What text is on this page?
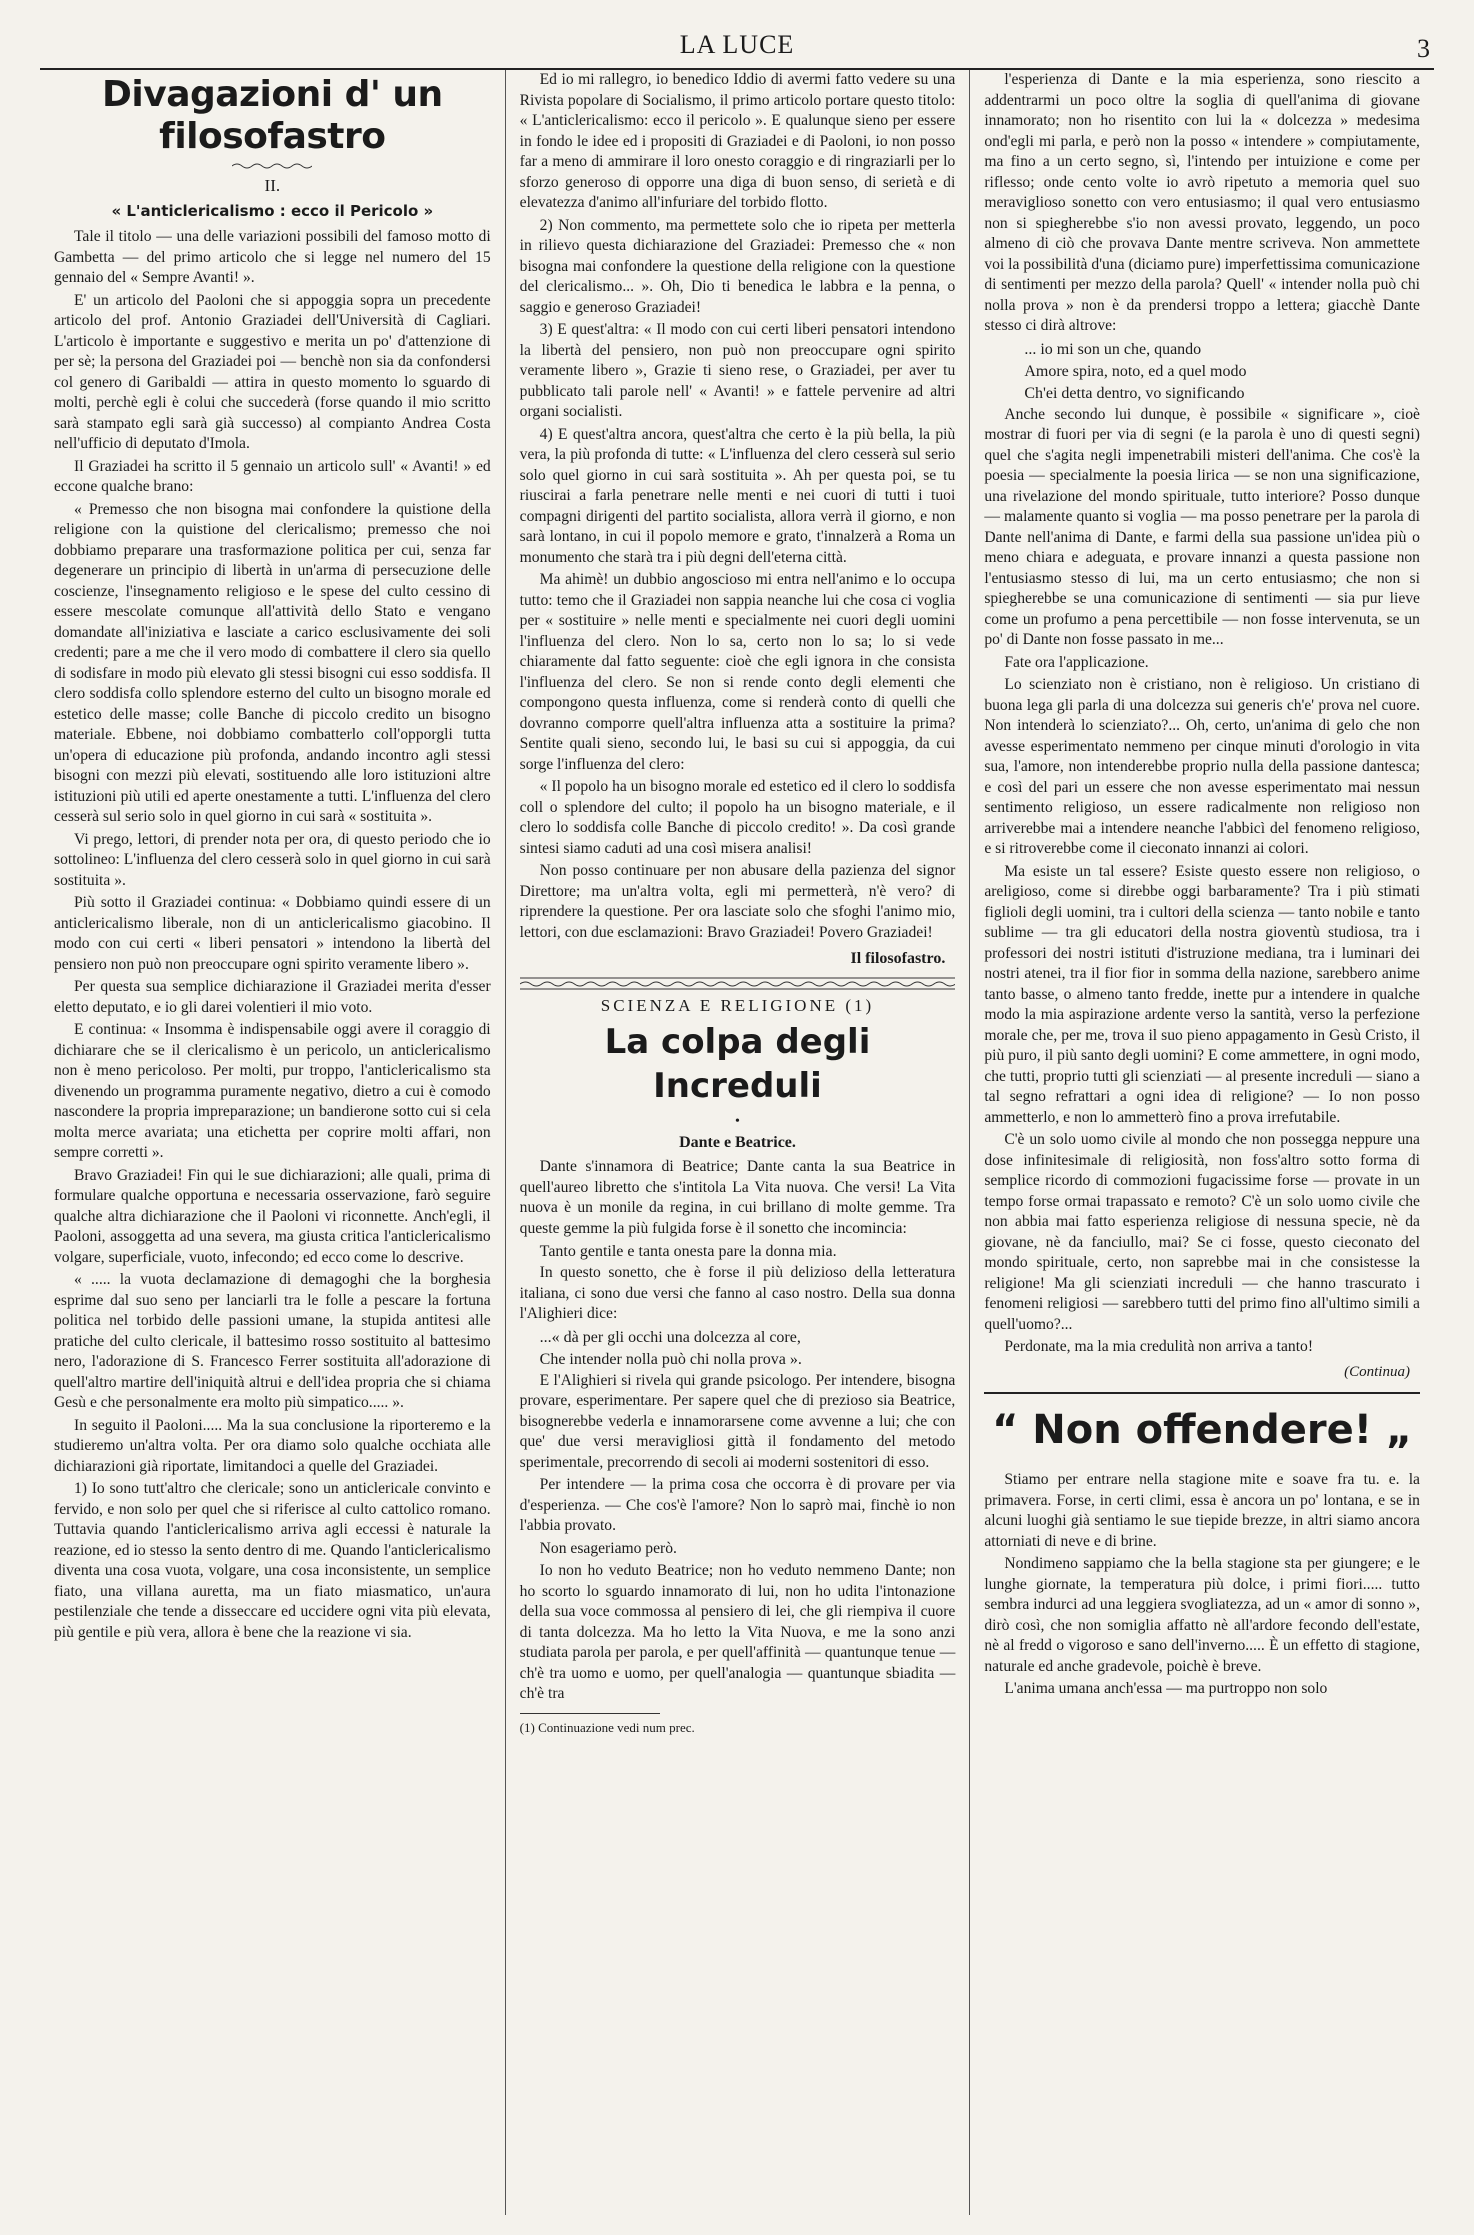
LA LUCE	3
Divagazioni d' un filosofastro

II.

« L'anticlericalismo : ecco il Pericolo »

Tale il titolo — una delle variazioni possibili del famoso motto di Gambetta — del primo articolo che si legge nel numero del 15 gennaio del « Sempre Avanti! ».

E' un articolo del Paoloni che si appoggia sopra un precedente articolo del prof. Antonio Graziadei dell'Università di Cagliari. L'articolo è importante e suggestivo e merita un po' d'attenzione di per sè; la persona del Graziadei poi — benchè non sia da confondersi col genero di Garibaldi — attira in questo momento lo sguardo di molti, perchè egli è colui che succederà (forse quando il mio scritto sarà stampato egli sarà già successo) al compianto Andrea Costa nell'ufficio di deputato d'Imola.

Il Graziadei ha scritto il 5 gennaio un articolo sull' « Avanti! » ed eccone qualche brano:

« Premesso che non bisogna mai confondere la quistione della religione con la quistione del clericalismo; premesso che noi dobbiamo preparare una trasformazione politica per cui, senza far degenerare un principio di libertà in un'arma di persecuzione delle coscienze, l'insegnamento religioso e le spese del culto cessino di essere mescolate comunque all'attività dello Stato e vengano domandate all'iniziativa e lasciate a carico esclusivamente dei soli credenti; pare a me che il vero modo di combattere il clero sia quello di sodisfare in modo più elevato gli stessi bisogni cui esso soddisfa. Il clero soddisfa collo splendore esterno del culto un bisogno morale ed estetico delle masse; colle Banche di piccolo credito un bisogno materiale. Ebbene, noi dobbiamo combatterlo coll'opporgli tutta un'opera di educazione più profonda, andando incontro agli stessi bisogni con mezzi più elevati, sostituendo alle loro istituzioni altre istituzioni più utili ed aperte onestamente a tutti. L'influenza del clero cesserà sul serio solo in quel giorno in cui sarà « sostituita ».

Vi prego, lettori, di prender nota per ora, di questo periodo che io sottolineo: L'influenza del clero cesserà solo in quel giorno in cui sarà sostituita ».

Più sotto il Graziadei continua: « Dobbiamo quindi essere di un anticlericalismo liberale, non di un anticlericalismo giacobino. Il modo con cui certi « liberi pensatori » intendono la libertà del pensiero non può non preoccupare ogni spirito veramente libero ».

Per questa sua semplice dichiarazione il Graziadei merita d'esser eletto deputato, e io gli darei volentieri il mio voto.

E continua: « Insomma è indispensabile oggi avere il coraggio di dichiarare che se il clericalismo è un pericolo, un anticlericalismo non è meno pericoloso. Per molti, pur troppo, l'anticlericalismo sta divenendo un programma puramente negativo, dietro a cui è comodo nascondere la propria impreparazione; un bandierone sotto cui si cela molta merce avariata; una etichetta per coprire molti affari, non sempre corretti ».

Bravo Graziadei! Fin qui le sue dichiarazioni; alle quali, prima di formulare qualche opportuna e necessaria osservazione, farò seguire qualche altra dichiarazione che il Paoloni vi riconnette. Anch'egli, il Paoloni, assoggetta ad una severa, ma giusta critica l'anticlericalismo volgare, superficiale, vuoto, infecondo; ed ecco come lo descrive.

« ..... la vuota declamazione di demagoghi che la borghesia esprime dal suo seno per lanciarli tra le folle a pescare la fortuna politica nel torbido delle passioni umane, la stupida antitesi alle pratiche del culto clericale, il battesimo rosso sostituito al battesimo nero, l'adorazione di S. Francesco Ferrer sostituita all'adorazione di quell'altro martire dell'iniquità altrui e dell'idea propria che si chiama Gesù e che personalmente era molto più simpatico..... ».

In seguito il Paoloni..... Ma la sua conclusione la riporteremo e la studieremo un'altra volta. Per ora diamo solo qualche occhiata alle dichiarazioni già riportate, limitandoci a quelle del Graziadei.

1) Io sono tutt'altro che clericale; sono un anticlericale convinto e fervido, e non solo per quel che si riferisce al culto cattolico romano. Tuttavia quando l'anticlericalismo arriva agli eccessi è naturale la reazione, ed io stesso la sento dentro di me. Quando l'anticlericalismo diventa una cosa vuota, volgare, una cosa inconsistente, un semplice fiato, una villana auretta, ma un fiato miasmatico, un'aura pestilenziale che tende a disseccare ed uccidere ogni vita più elevata, più gentile e più vera, allora è bene che la reazione vi sia.

Ed io mi rallegro, io benedico Iddio di avermi fatto vedere su una Rivista popolare di Socialismo, il primo articolo portare questo titolo: « L'anticlericalismo: ecco il pericolo ». E qualunque sieno per essere in fondo le idee ed i propositi di Graziadei e di Paoloni, io non posso far a meno di ammirare il loro onesto coraggio e di ringraziarli per lo sforzo generoso di opporre una diga di buon senso, di serietà e di elevatezza d'animo all'infuriare del torbido flotto.

2) Non commento, ma permettete solo che io ripeta per metterla in rilievo questa dichiarazione del Graziadei: Premesso che « non bisogna mai confondere la questione della religione con la questione del clericalismo... ». Oh, Dio ti benedica le labbra e la penna, o saggio e generoso Graziadei!

3) E quest'altra: « Il modo con cui certi liberi pensatori intendono la libertà del pensiero, non può non preoccupare ogni spirito veramente libero », Grazie ti sieno rese, o Graziadei, per aver tu pubblicato tali parole nell' « Avanti! » e fattele pervenire ad altri organi socialisti.

4) E quest'altra ancora, quest'altra che certo è la più bella, la più vera, la più profonda di tutte: « L'influenza del clero cesserà sul serio solo quel giorno in cui sarà sostituita ». Ah per questa poi, se tu riuscirai a farla penetrare nelle menti e nei cuori di tutti i tuoi compagni dirigenti del partito socialista, allora verrà il giorno, e non sarà lontano, in cui il popolo memore e grato, t'innalzerà a Roma un monumento che starà tra i più degni dell'eterna città.

Ma ahimè! un dubbio angoscioso mi entra nell'animo e lo occupa tutto: temo che il Graziadei non sappia neanche lui che cosa ci voglia per « sostituire » nelle menti e specialmente nei cuori degli uomini l'influenza del clero. Non lo sa, certo non lo sa; lo si vede chiaramente dal fatto seguente: cioè che egli ignora in che consista l'influenza del clero. Se non si rende conto degli elementi che compongono questa influenza, come si renderà conto di quelli che dovranno comporre quell'altra influenza atta a sostituire la prima? Sentite quali sieno, secondo lui, le basi su cui si appoggia, da cui sorge l'influenza del clero:

« Il popolo ha un bisogno morale ed estetico ed il clero lo soddisfa coll o splendore del culto; il popolo ha un bisogno materiale, e il clero lo soddisfa colle Banche di piccolo credito! ». Da così grande sintesi siamo caduti ad una così misera analisi!

Non posso continuare per non abusare della pazienza del signor Direttore; ma un'altra volta, egli mi permetterà, n'è vero? di riprendere la questione. Per ora lasciate solo che sfoghi l'animo mio, lettori, con due esclamazioni: Bravo Graziadei! Povero Graziadei!

Il filosofastro.

SCIENZA E RELIGIONE (1)

La colpa degli Increduli

•

Dante e Beatrice.

Dante s'innamora di Beatrice; Dante canta la sua Beatrice in quell'aureo libretto che s'intitola La Vita nuova. Che versi! La Vita nuova è un monile da regina, in cui brillano di molte gemme. Tra queste gemme la più fulgida forse è il sonetto che incomincia:

Tanto gentile e tanta onesta pare la donna mia.

In questo sonetto, che è forse il più delizioso della letteratura italiana, ci sono due versi che fanno al caso nostro. Della sua donna l'Alighieri dice:

...« dà per gli occhi una dolcezza al core,

Che intender nolla può chi nolla prova ».

E l'Alighieri si rivela qui grande psicologo. Per intendere, bisogna provare, esperimentare. Per sapere quel che di prezioso sia Beatrice, bisognerebbe vederla e innamorarsene come avvenne a lui; che con que' due versi meravigliosi gittà il fondamento del metodo sperimentale, precorrendo di secoli ai moderni sostenitori di esso.

Per intendere — la prima cosa che occorra è di provare per via d'esperienza. — Che cos'è l'amore? Non lo saprò mai, finchè io non l'abbia provato.

Non esageriamo però.

Io non ho veduto Beatrice; non ho veduto nemmeno Dante; non ho scorto lo sguardo innamorato di lui, non ho udita l'intonazione della sua voce commossa al pensiero di lei, che gli riempiva il cuore di tanta dolcezza. Ma ho letto la Vita Nuova, e me la sono anzi studiata parola per parola, e per quell'affinità — quantunque tenue — ch'è tra uomo e uomo, per quell'analogia — quantunque sbiadita — ch'è tra

(1) Continuazione vedi num prec.

l'esperienza di Dante e la mia esperienza, sono riescito a addentrarmi un poco oltre la soglia di quell'anima di giovane innamorato; non ho risentito con lui la « dolcezza » medesima ond'egli mi parla, e però non la posso « intendere » compiutamente, ma fino a un certo segno, sì, l'intendo per intuizione e come per riflesso; onde cento volte io avrò ripetuto a memoria quel suo meraviglioso sonetto con vero entusiasmo; il qual vero entusiasmo non si spiegherebbe s'io non avessi provato, leggendo, un poco almeno di ciò che provava Dante mentre scriveva. Non ammettete voi la possibilità d'una (diciamo pure) imperfettissima comunicazione di sentimenti per mezzo della parola? Quell' « intender nolla può chi nolla prova » non è da prendersi troppo a lettera; giacchè Dante stesso ci dirà altrove:

... io mi son un che, quando

Amore spira, noto, ed a quel modo

Ch'ei detta dentro, vo significando

Anche secondo lui dunque, è possibile « significare », cioè mostrar di fuori per via di segni (e la parola è uno di questi segni) quel che s'agita negli impenetrabili misteri dell'anima. Che cos'è la poesia — specialmente la poesia lirica — se non una significazione, una rivelazione del mondo spirituale, tutto interiore? Posso dunque — malamente quanto si voglia — ma posso penetrare per la parola di Dante nell'anima di Dante, e farmi della sua passione un'idea più o meno chiara e adeguata, e provare innanzi a questa passione non l'entusiasmo stesso di lui, ma un certo entusiasmo; che non si spiegherebbe se una comunicazione di sentimenti — sia pur lieve come un profumo a pena percettibile — non fosse intervenuta, se un po' di Dante non fosse passato in me...

Fate ora l'applicazione.

Lo scienziato non è cristiano, non è religioso. Un cristiano di buona lega gli parla di una dolcezza sui generis ch'e' prova nel cuore. Non intenderà lo scienziato?... Oh, certo, un'anima di gelo che non avesse esperimentato nemmeno per cinque minuti d'orologio in vita sua, l'amore, non intenderebbe proprio nulla della passione dantesca; e così del pari un essere che non avesse esperimentato mai nessun sentimento religioso, un essere radicalmente non religioso non arriverebbe mai a intendere neanche l'abbicì del fenomeno religioso, e si ritroverebbe come il cieconato innanzi ai colori.

Ma esiste un tal essere? Esiste questo essere non religioso, o areligioso, come si direbbe oggi barbaramente? Tra i più stimati figlioli degli uomini, tra i cultori della scienza — tanto nobile e tanto sublime — tra gli educatori della nostra gioventù studiosa, tra i professori dei nostri istituti d'istruzione mediana, tra i luminari dei nostri atenei, tra il fior fior in somma della nazione, sarebbero anime tanto basse, o almeno tanto fredde, inette pur a intendere in qualche modo la mia aspirazione ardente verso la santità, verso la perfezione morale che, per me, trova il suo pieno appagamento in Gesù Cristo, il più puro, il più santo degli uomini? E come ammettere, in ogni modo, che tutti, proprio tutti gli scienziati — al presente increduli — siano a tal segno refrattari a ogni idea di religione? — Io non posso ammetterlo, e non lo ammetterò fino a prova irrefutabile.

C'è un solo uomo civile al mondo che non possegga neppure una dose infinitesimale di religiosità, non foss'altro sotto forma di semplice ricordo di commozioni fugacissime forse — provate in un tempo forse ormai trapassato e remoto? C'è un solo uomo civile che non abbia mai fatto esperienza religiose di nessuna specie, nè da giovane, nè da fanciullo, mai? Se ci fosse, questo cieconato del mondo spirituale, certo, non saprebbe mai in che consistesse la religione! Ma gli scienziati increduli — che hanno trascurato i fenomeni religiosi — sarebbero tutti del primo fino all'ultimo simili a quell'uomo?...

Perdonate, ma la mia credulità non arriva a tanto!

(Continua)

“ Non offendere! „

Stiamo per entrare nella stagione mite e soave fra tu. e. la primavera. Forse, in certi climi, essa è ancora un po' lontana, e se in alcuni luoghi già sentiamo le sue tiepide brezze, in altri siamo ancora attorniati di neve e di brine.

Nondimeno sappiamo che la bella stagione sta per giungere; e le lunghe giornate, la temperatura più dolce, i primi fiori..... tutto sembra indurci ad una leggiera svogliatezza, ad un « amor di sonno », dirò così, che non somiglia affatto nè all'ardore fecondo dell'estate, nè al fredd o vigoroso e sano dell'inverno..... È un effetto di stagione, naturale ed anche gradevole, poichè è breve.

L'anima umana anch'essa — ma purtroppo non solo
